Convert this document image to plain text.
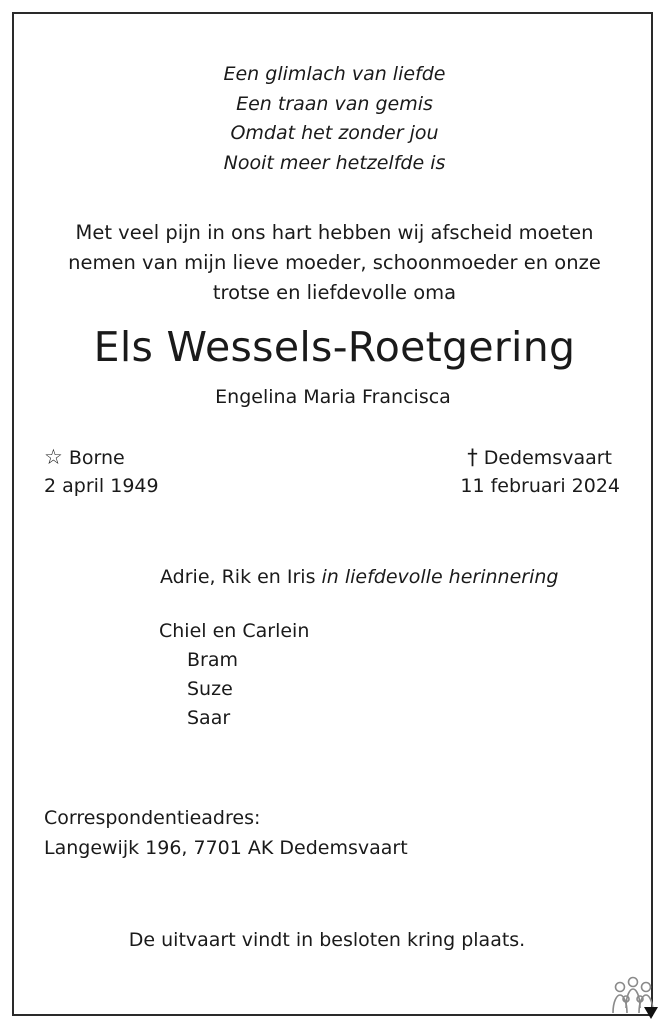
Een glimlach van liefde
Een traan van gemis
Omdat het zonder jou
Nooit meer hetzelfde is
Met veel pijn in ons hart hebben wij afscheid moeten
nemen van mijn lieve moeder, schoonmoeder en onze
trotse en liefdevolle oma
Els Wessels-Roetgering
Engelina Maria Francisca
☆ Borne
2 april 1949
† Dedemsvaart
11 februari 2024
Adrie, Rik en Iris in liefdevolle herinnering
Chiel en Carlein
Bram
Suze
Saar
Correspondentieadres:
Langewijk 196, 7701 AK Dedemsvaart
De uitvaart vindt in besloten kring plaats.
